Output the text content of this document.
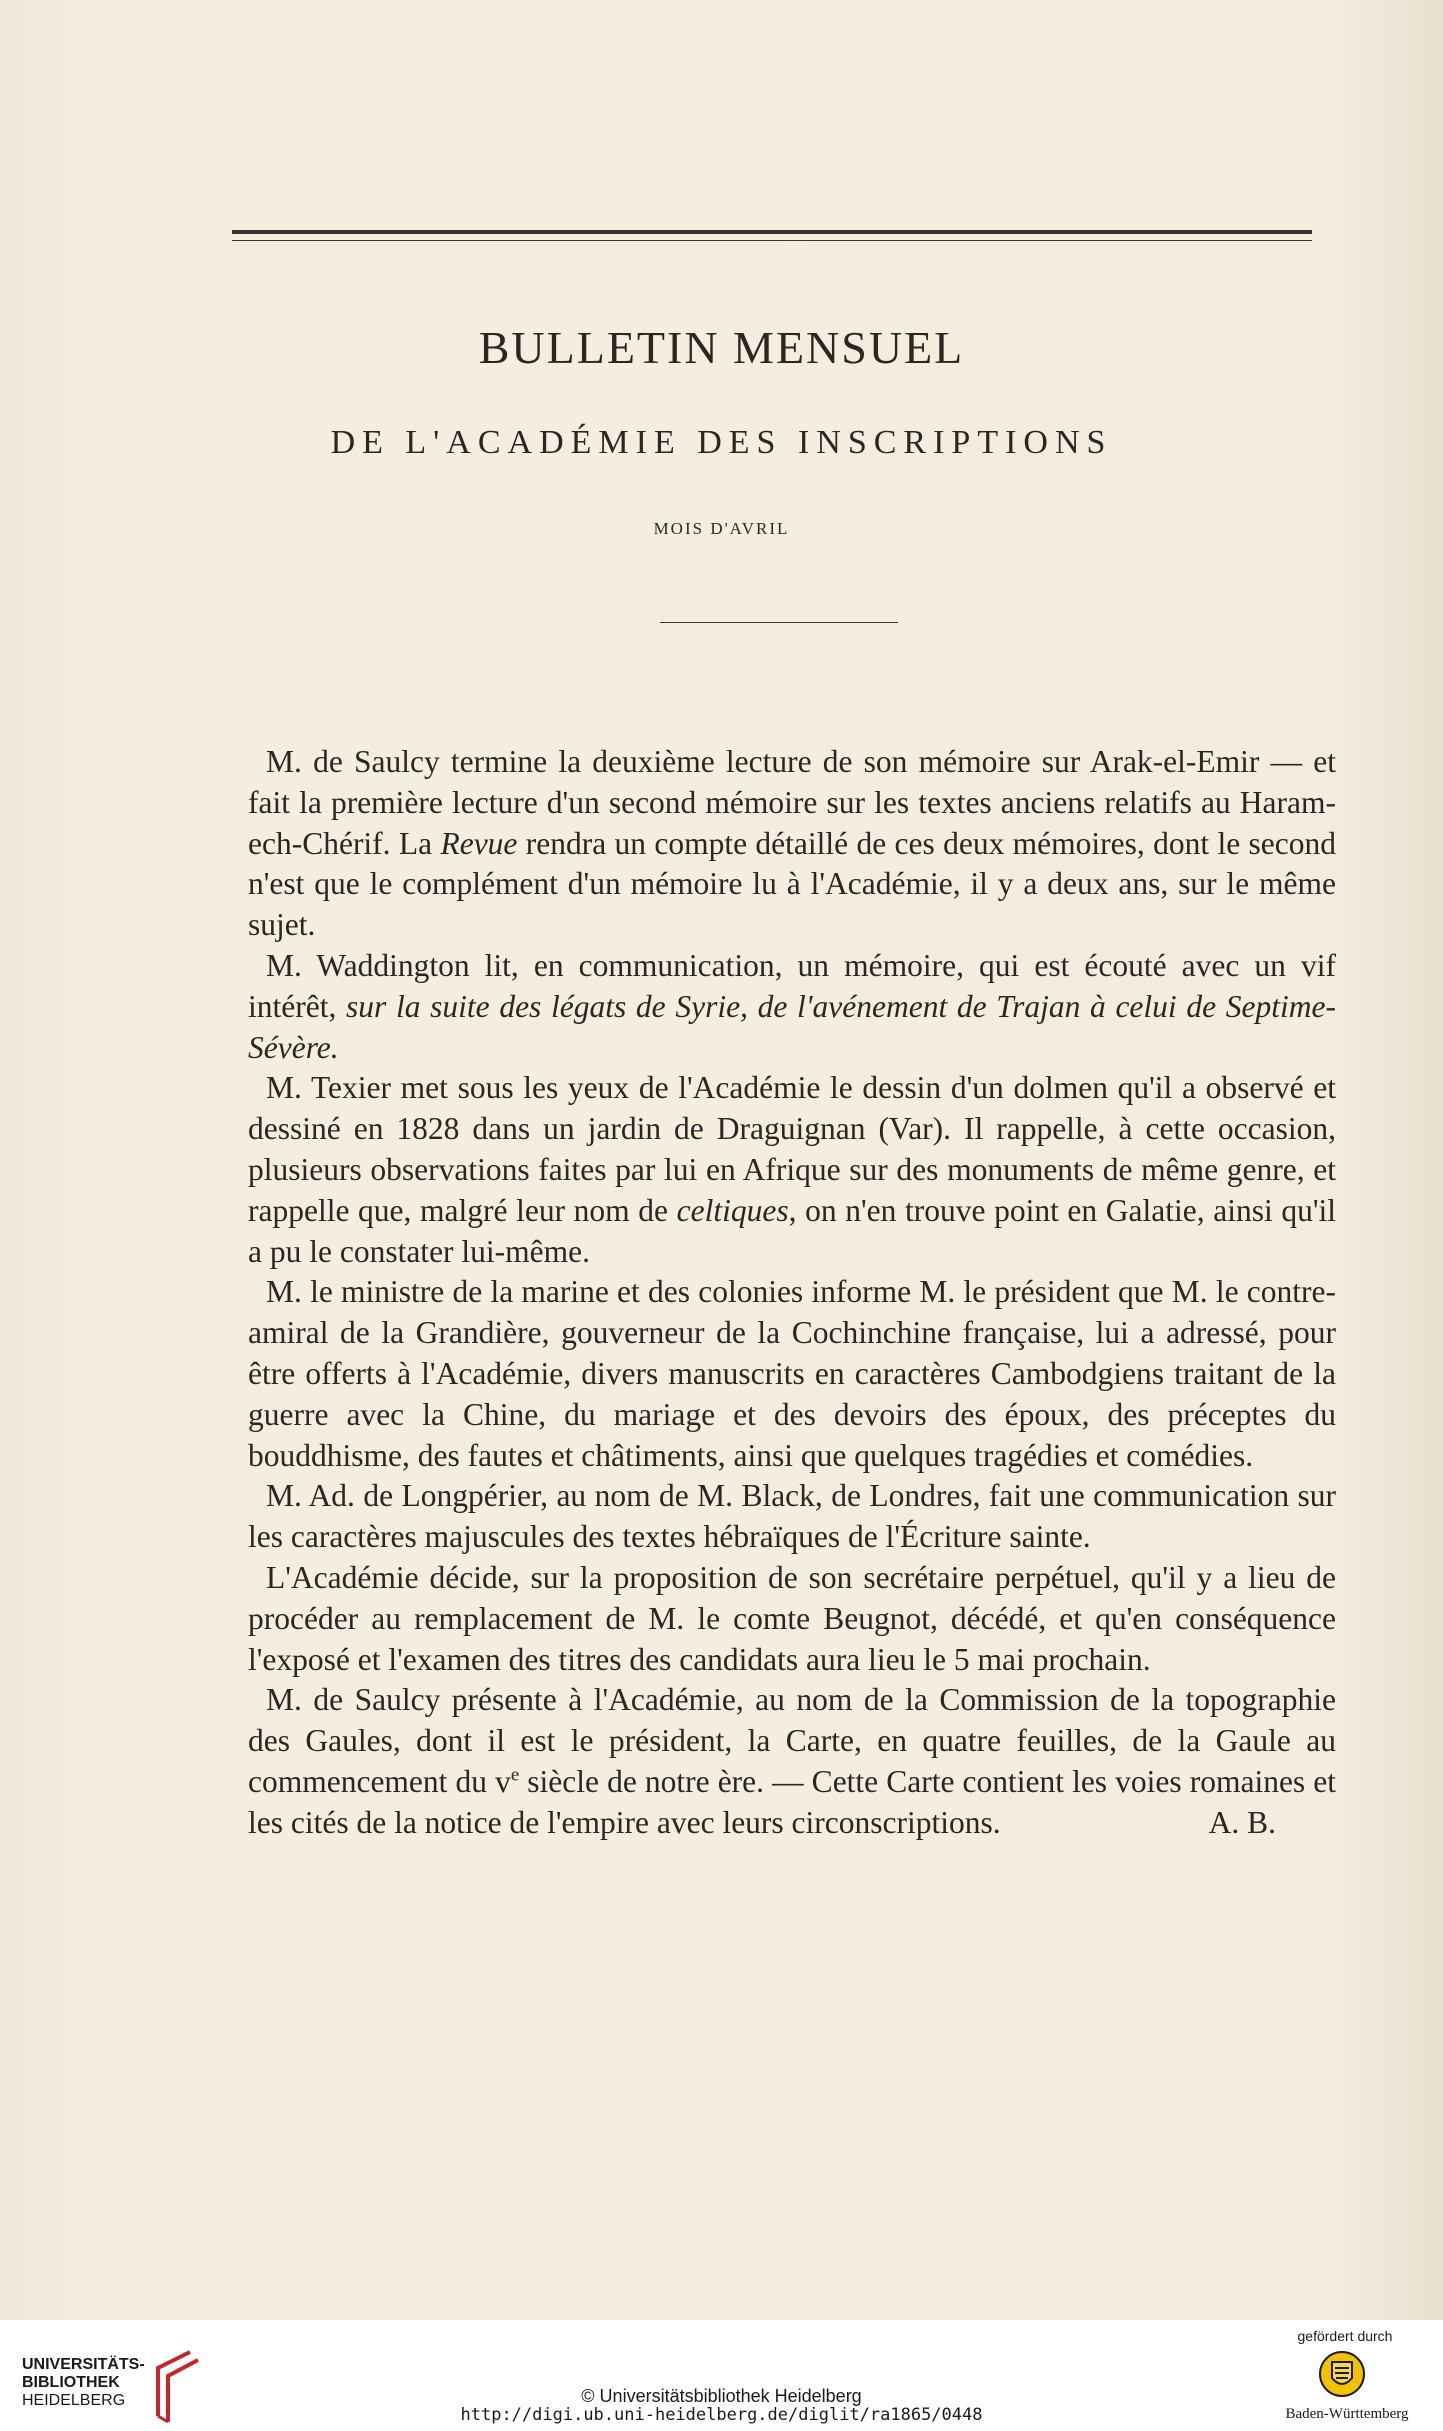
BULLETIN MENSUEL
DE L'ACADÉMIE DES INSCRIPTIONS
MOIS D'AVRIL

M. de Saulcy termine la deuxième lecture de son mémoire sur Arak-el-Emir — et fait la première lecture d'un second mémoire sur les textes anciens relatifs au Haram-ech-Chérif. La Revue rendra un compte détaillé de ces deux mémoires, dont le second n'est que le complément d'un mémoire lu à l'Académie, il y a deux ans, sur le même sujet.

M. Waddington lit, en communication, un mémoire, qui est écouté avec un vif intérêt, sur la suite des légats de Syrie, de l'avénement de Trajan à celui de Septime-Sévère.

M. Texier met sous les yeux de l'Académie le dessin d'un dolmen qu'il a observé et dessiné en 1828 dans un jardin de Draguignan (Var). Il rappelle, à cette occasion, plusieurs observations faites par lui en Afrique sur des monuments de même genre, et rappelle que, malgré leur nom de celtiques, on n'en trouve point en Galatie, ainsi qu'il a pu le constater lui-même.

M. le ministre de la marine et des colonies informe M. le président que M. le contre-amiral de la Grandière, gouverneur de la Cochinchine française, lui a adressé, pour être offerts à l'Académie, divers manuscrits en caractères Cambodgiens traitant de la guerre avec la Chine, du mariage et des devoirs des époux, des préceptes du bouddhisme, des fautes et châtiments, ainsi que quelques tragédies et comédies.

M. Ad. de Longpérier, au nom de M. Black, de Londres, fait une communication sur les caractères majuscules des textes hébraïques de l'Écriture sainte.

L'Académie décide, sur la proposition de son secrétaire perpétuel, qu'il y a lieu de procéder au remplacement de M. le comte Beugnot, décédé, et qu'en conséquence l'exposé et l'examen des titres des candidats aura lieu le 5 mai prochain.

M. de Saulcy présente à l'Académie, au nom de la Commission de la topographie des Gaules, dont il est le président, la Carte, en quatre feuilles, de la Gaule au commencement du $v^e$ siècle de notre ère. — Cette Carte contient les voies romaines et les cités de la notice de l'empire avec leurs circonscriptions.	A. B.

UNIVERSITÄTS-
BIBLIOTHEK
HEIDELBERG	© Universitätsbibliothek Heidelberg
http://digi.ub.uni-heidelberg.de/diglit/ra1865/0448
gefördert durch
Baden-Württemberg
